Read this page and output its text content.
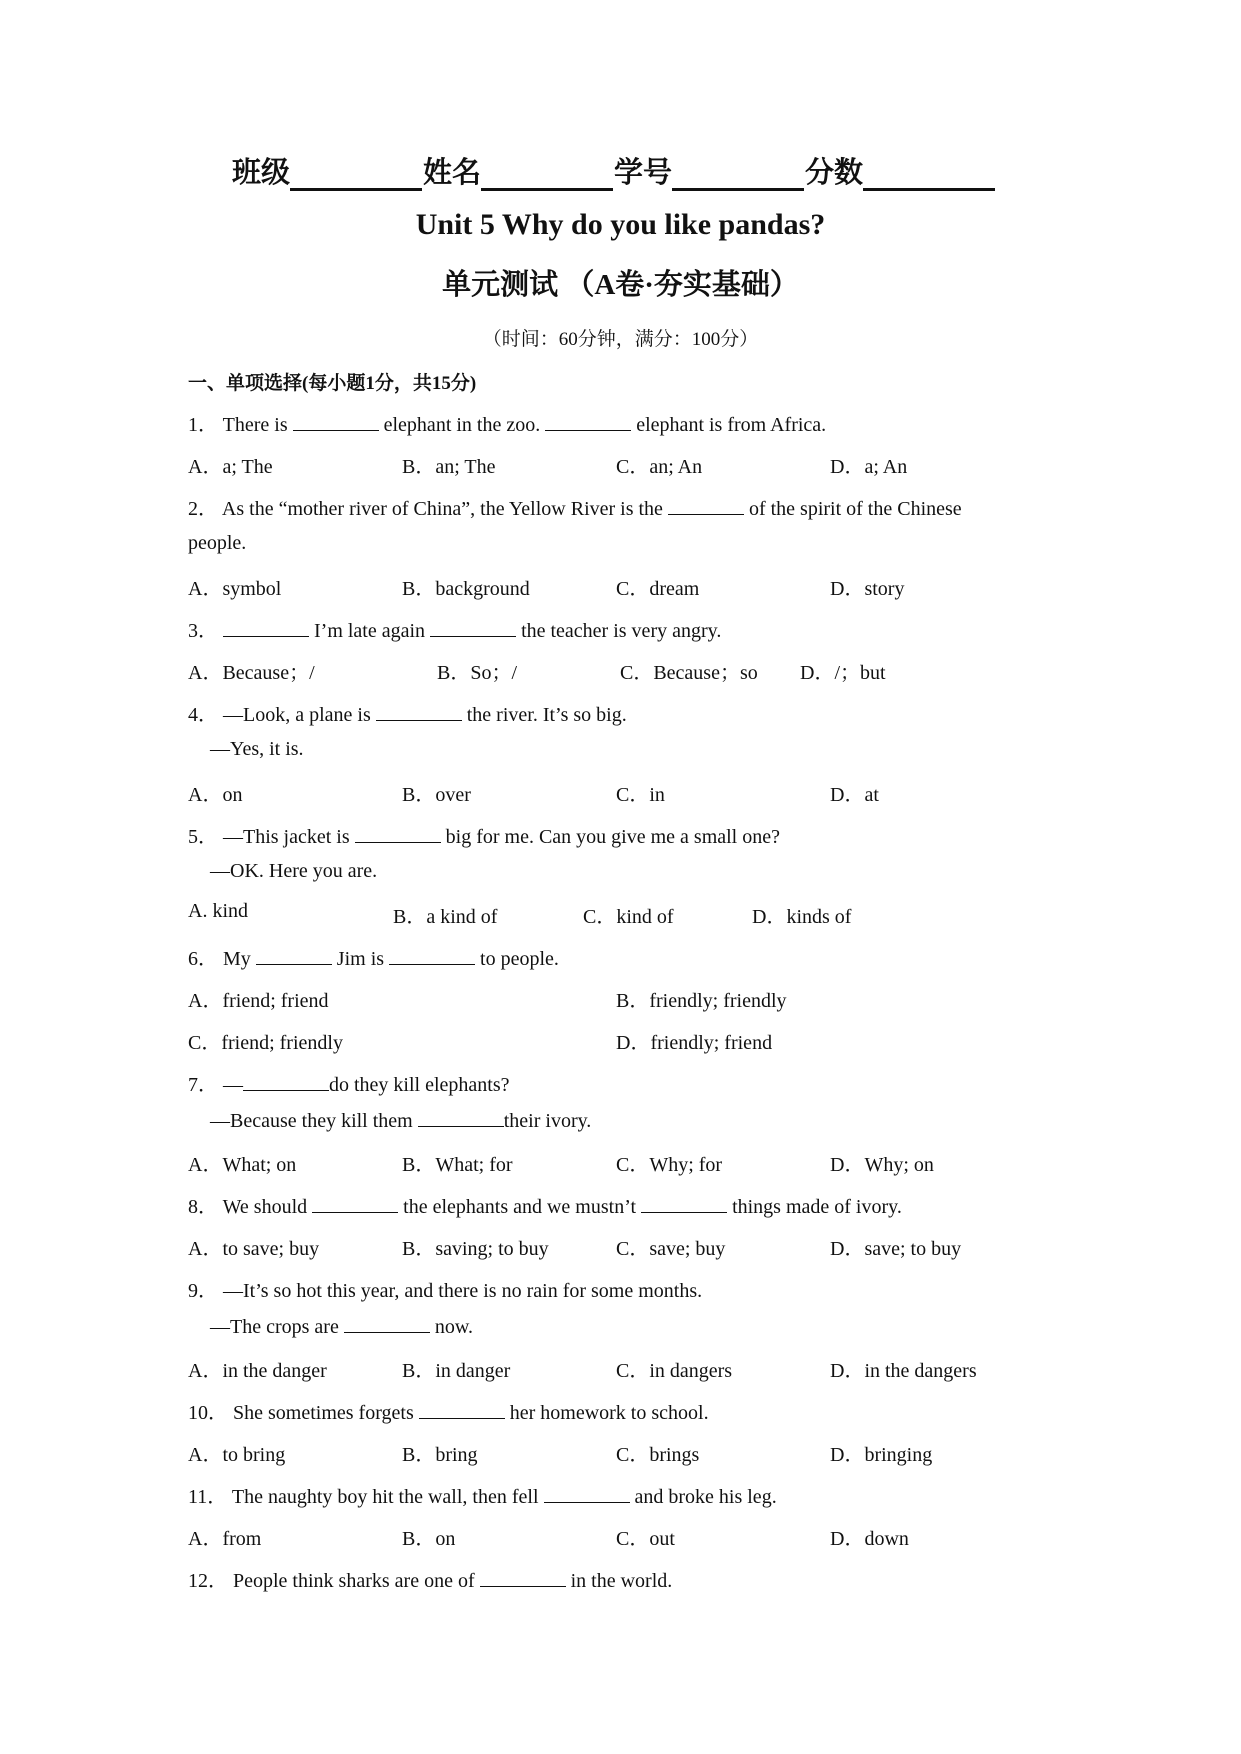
班级	姓名	学号	分数
Unit 5 Why do you like pandas?
单元测试 （A卷·夯实基础）
（时间：60分钟，满分：100分）
一、单项选择(每小题1分，共15分)
1． There is	elephant in the zoo.	elephant is from Africa.
A．a; The	B．an; The	C．an; An	D．a; An
2． As the “mother river of China”, the Yellow River is the	of the spirit of the Chinese
people.
A．symbol	B．background	C．dream	D．story
3．	I’m late again	the teacher is very angry.
A．Because；/	B．So；/	C．Because；so D．/；but
4． —Look, a plane is	the river. It’s so big.
—Yes, it is.
A．on	B．over	C．in	D．at
5． —This jacket is	big for me. Can you give me a small one?
—OK. Here you are.
A. kind	B．a kind of	C．kind of	D．kinds of
6． My	Jim is	to people.
A．friend; friend	B．friendly; friendly
C．friend; friendly	D．friendly; friend
7． —	do they kill elephants?
—Because they kill them	their ivory.
A．What; on	B．What; for	C．Why; for	D．Why; on
8． We should	the elephants and we mustn’t	things made of ivory.
A．to save; buy	B．saving; to buy	C．save; buy	D．save; to buy
9． —It’s so hot this year, and there is no rain for some months.
—The crops are	now.
A．in the danger	B．in danger	C．in dangers	D．in the dangers
10． She sometimes forgets	her homework to school.
A．to bring	B．bring	C．brings	D．bringing
11． The naughty boy hit the wall, then fell	and broke his leg.
A．from	B．on	C．out	D．down
12． People think sharks are one of	in the world.
